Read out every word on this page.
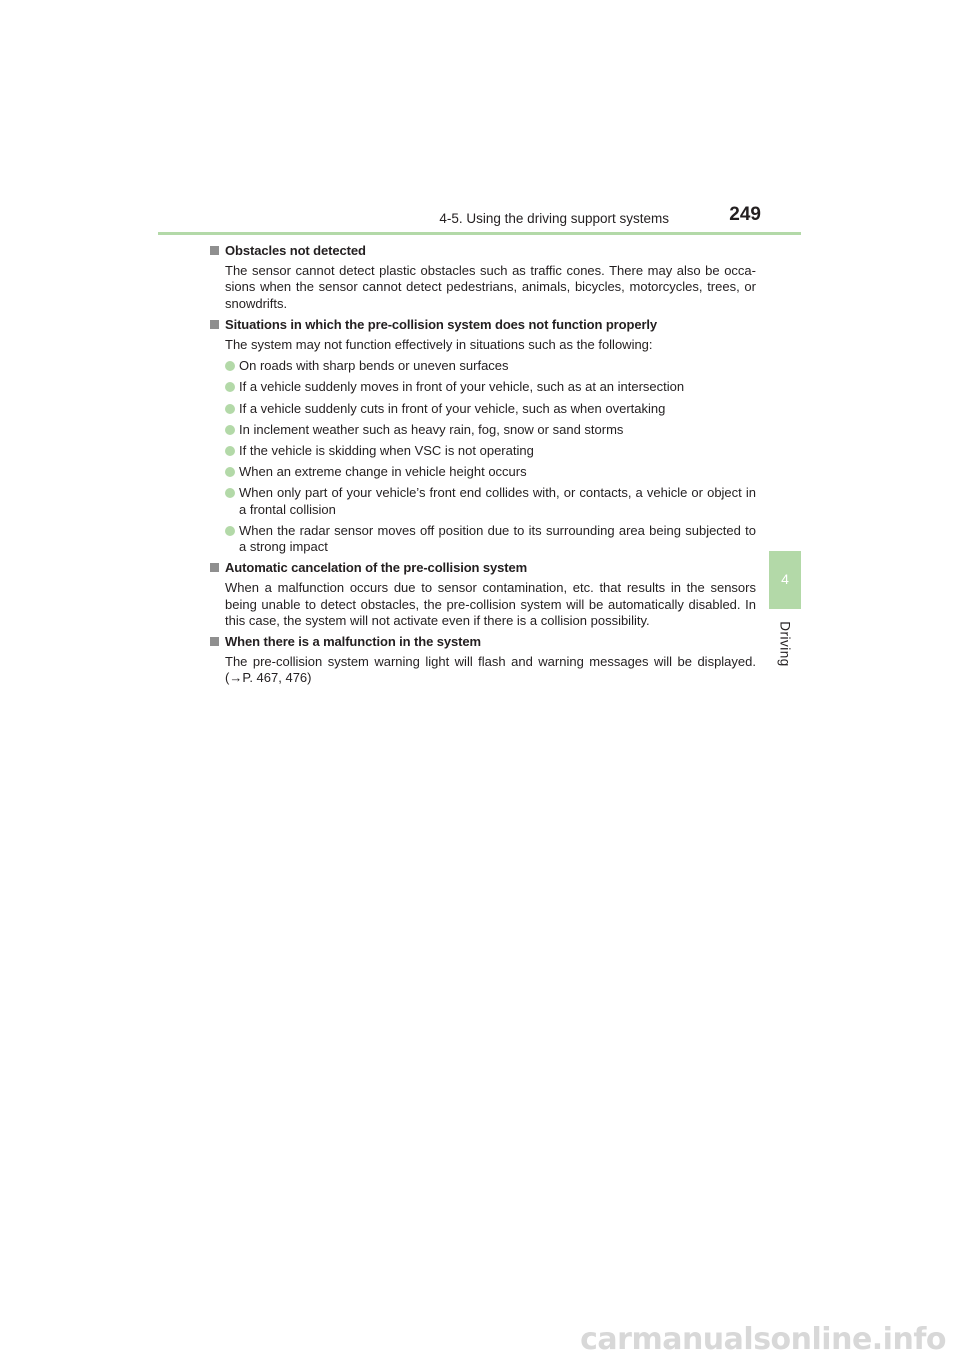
4-5. Using the driving support systems	249
4
Driving
Obstacles not detected
The sensor cannot detect plastic obstacles such as traffic cones. There may also be occa-sions when the sensor cannot detect pedestrians, animals, bicycles, motorcycles, trees, or snowdrifts.
Situations in which the pre-collision system does not function properly
The system may not function effectively in situations such as the following:
On roads with sharp bends or uneven surfaces
If a vehicle suddenly moves in front of your vehicle, such as at an intersection
If a vehicle suddenly cuts in front of your vehicle, such as when overtaking
In inclement weather such as heavy rain, fog, snow or sand storms
If the vehicle is skidding when VSC is not operating
When an extreme change in vehicle height occurs
When only part of your vehicle’s front end collides with, or contacts, a vehicle or object in a frontal collision
When the radar sensor moves off position due to its surrounding area being subjected to a strong impact
Automatic cancelation of the pre-collision system
When a malfunction occurs due to sensor contamination, etc. that results in the sensors being unable to detect obstacles, the pre-collision system will be automatically disabled. In this case, the system will not activate even if there is a collision possibility.
When there is a malfunction in the system
The pre-collision system warning light will flash and warning messages will be displayed. (→P. 467, 476)
carmanualsonline.info
